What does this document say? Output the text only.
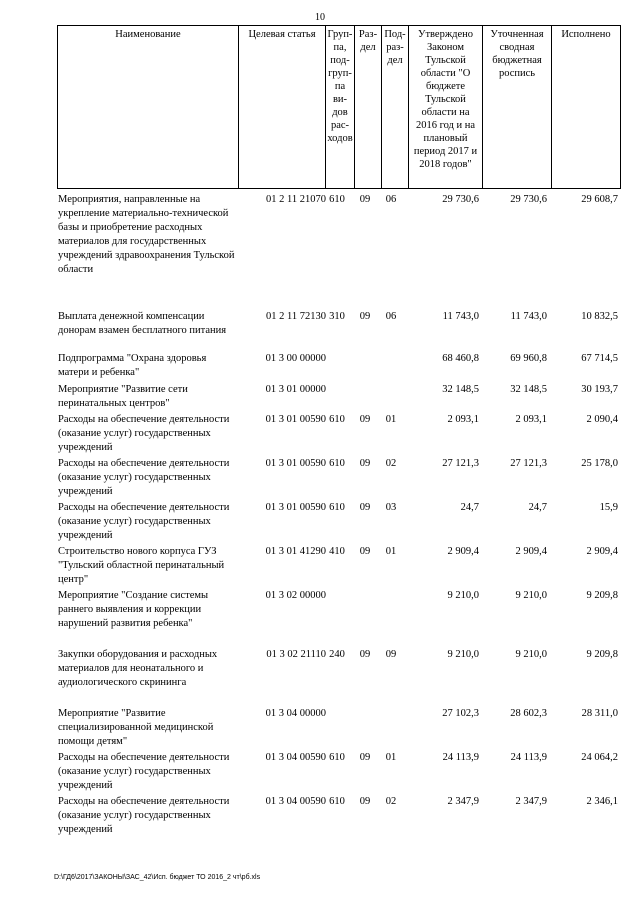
10
Наименование	Целевая статья	Груп-
па,
под-
груп-
па ви-
дов
рас-
ходов	Раз-
дел	Под-
раз-
дел	Утверждено
Законом
Тульской
области "О
бюджете
Тульской
области на
2016 год и на
плановый
период 2017 и
2018 годов"	Уточненная
сводная
бюджетная
роспись	Исполнено
Мероприятия, направленные на укрепление материально-технической базы и приобретение расходных материалов для государственных учреждений здравоохранения Тульской области
01 2 11 21070 610	09	06	29 730,6	29 730,6	29 608,7
Выплата денежной компенсации донорам взамен бесплатного питания
01 2 11 72130 310	09	06	11 743,0	11 743,0	10 832,5
Подпрограмма "Охрана здоровья матери и ребенка"
01 3 00 00000	68 460,8	69 960,8	67 714,5
Мероприятие "Развитие сети перинатальных центров"
01 3 01 00000	32 148,5	32 148,5	30 193,7
Расходы на обеспечение деятельности (оказание услуг) государственных учреждений
01 3 01 00590 610	09	01	2 093,1	2 093,1	2 090,4
Расходы на обеспечение деятельности (оказание услуг) государственных учреждений
01 3 01 00590 610	09	02	27 121,3	27 121,3	25 178,0
Расходы на обеспечение деятельности (оказание услуг) государственных учреждений
01 3 01 00590 610	09	03	24,7	24,7	15,9
Строительство нового корпуса ГУЗ "Тульский областной перинатальный центр"
01 3 01 41290 410	09	01	2 909,4	2 909,4	2 909,4
Мероприятие "Создание системы раннего выявления и коррекции нарушений развития ребенка"
01 3 02 00000	9 210,0	9 210,0	9 209,8
Закупки оборудования и расходных материалов для неонатального и аудиологического скрининга
01 3 02 21110 240	09	09	9 210,0	9 210,0	9 209,8
Мероприятие "Развитие специализированной медицинской помощи детям"
01 3 04 00000	27 102,3	28 602,3	28 311,0
Расходы на обеспечение деятельности (оказание услуг) государственных учреждений
01 3 04 00590 610	09	01	24 113,9	24 113,9	24 064,2
Расходы на обеспечение деятельности (оказание услуг) государственных учреждений
01 3 04 00590 610	09	02	2 347,9	2 347,9	2 346,1
D:\ГД6\2017\ЗАКОНЫ\ЗАС_42\Исп. бюджет ТО 2016_2 чт\рб.xls
